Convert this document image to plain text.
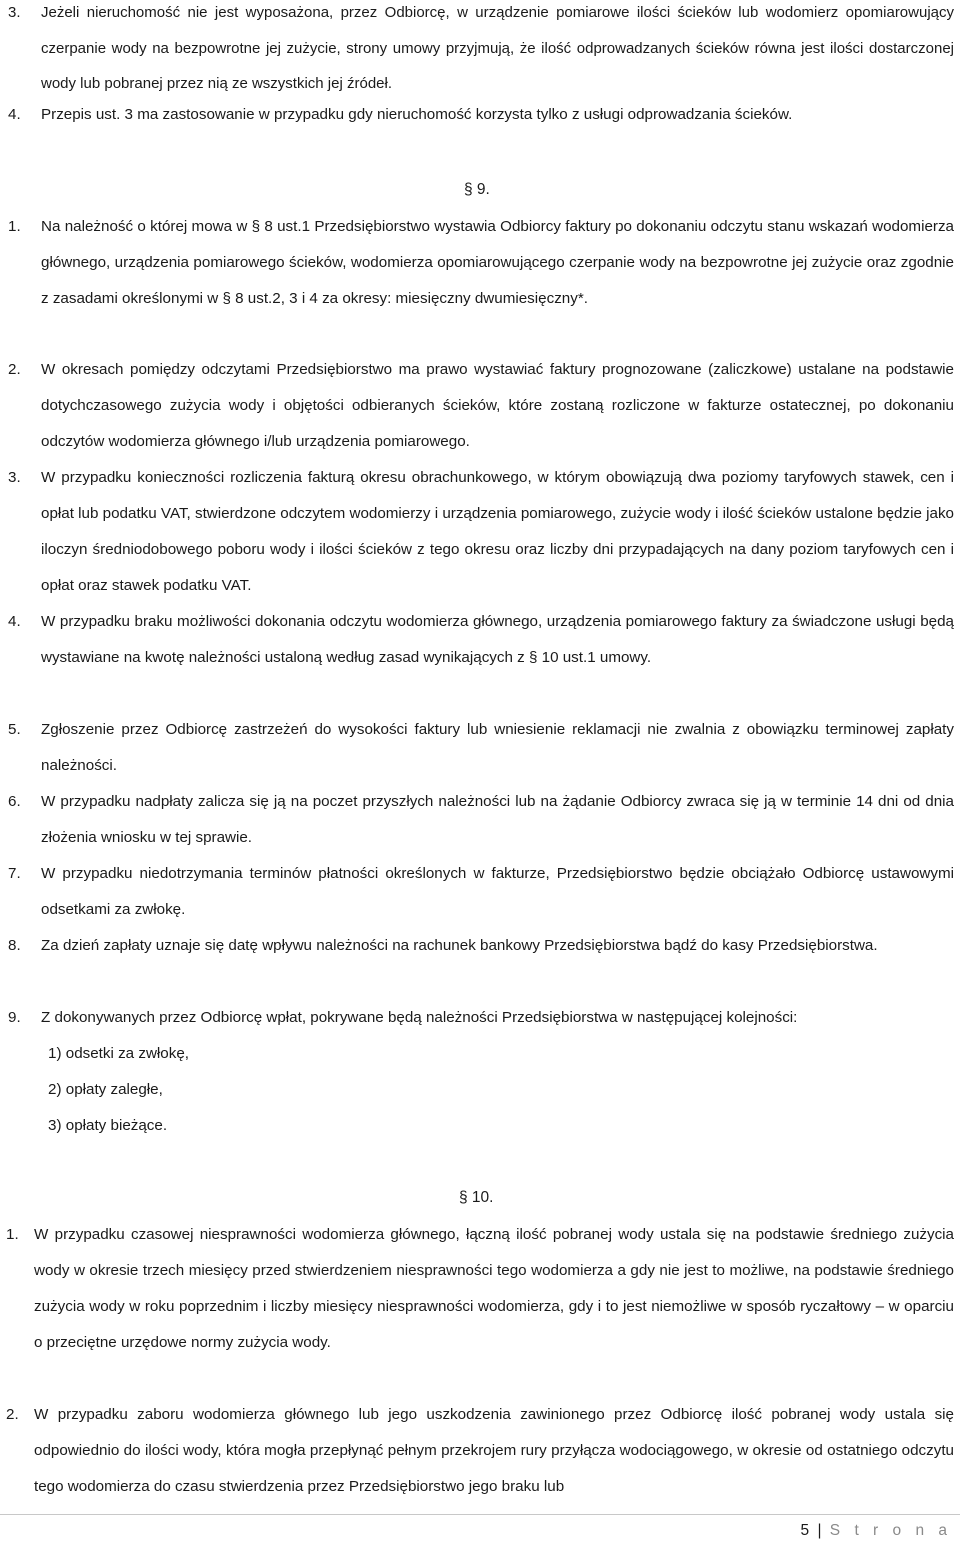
3. Jeżeli nieruchomość nie jest wyposażona, przez Odbiorcę, w urządzenie pomiarowe ilości ścieków lub wodomierz opomiarowujący czerpanie wody na bezpowrotne jej zużycie, strony umowy przyjmują, że ilość odprowadzanych ścieków równa jest ilości dostarczonej wody lub pobranej przez nią ze wszystkich jej źródeł.
4. Przepis ust. 3 ma zastosowanie w przypadku gdy nieruchomość korzysta tylko z usługi odprowadzania ścieków.
§ 9.
1. Na należność o której mowa w § 8 ust.1 Przedsiębiorstwo wystawia Odbiorcy faktury po dokonaniu odczytu stanu wskazań wodomierza głównego, urządzenia pomiarowego ścieków, wodomierza opomiarowującego czerpanie wody na bezpowrotne jej zużycie oraz zgodnie z zasadami określonymi w § 8 ust.2, 3 i 4 za okresy: miesięczny dwumiesięczny*.
2. W okresach pomiędzy odczytami Przedsiębiorstwo ma prawo wystawiać faktury prognozowane (zaliczkowe) ustalane na podstawie dotychczasowego zużycia wody i objętości odbieranych ścieków, które zostaną rozliczone w fakturze ostatecznej, po dokonaniu odczytów wodomierza głównego i/lub urządzenia pomiarowego.
3. W przypadku konieczności rozliczenia fakturą okresu obrachunkowego, w którym obowiązują dwa poziomy taryfowych stawek, cen i opłat lub podatku VAT, stwierdzone odczytem wodomierzy i urządzenia pomiarowego, zużycie wody i ilość ścieków ustalone będzie jako iloczyn średniodobowego poboru wody i ilości ścieków z tego okresu oraz liczby dni przypadających na dany poziom taryfowych cen i opłat oraz stawek podatku VAT.
4. W przypadku braku możliwości dokonania odczytu wodomierza głównego, urządzenia pomiarowego faktury za świadczone usługi będą wystawiane na kwotę należności ustaloną według zasad wynikających z § 10 ust.1 umowy.
5. Zgłoszenie przez Odbiorcę zastrzeżeń do wysokości faktury lub wniesienie reklamacji nie zwalnia z obowiązku terminowej zapłaty należności.
6. W przypadku nadpłaty zalicza się ją na poczet przyszłych należności lub na żądanie Odbiorcy zwraca się ją w terminie 14 dni od dnia złożenia wniosku w tej sprawie.
7. W przypadku niedotrzymania terminów płatności określonych w fakturze, Przedsiębiorstwo będzie obciążało Odbiorcę ustawowymi odsetkami za zwłokę.
8. Za dzień zapłaty uznaje się datę wpływu należności na rachunek bankowy Przedsiębiorstwa bądź do kasy Przedsiębiorstwa.
9. Z dokonywanych przez Odbiorcę wpłat, pokrywane będą należności Przedsiębiorstwa w następującej kolejności:
1) odsetki za zwłokę,
2) opłaty zaległe,
3) opłaty bieżące.
§ 10.
1. W przypadku czasowej niesprawności wodomierza głównego, łączną ilość pobranej wody ustala się na podstawie średniego zużycia wody w okresie trzech miesięcy przed stwierdzeniem niesprawności tego wodomierza a gdy nie jest to możliwe, na podstawie średniego zużycia wody w roku poprzednim i liczby miesięcy niesprawności wodomierza, gdy i to jest niemożliwe w sposób ryczałtowy – w oparciu o przeciętne urzędowe normy zużycia wody.
2. W przypadku zaboru wodomierza głównego lub jego uszkodzenia zawinionego przez Odbiorcę ilość pobranej wody ustala się odpowiednio do ilości wody, która mogła przepłynąć pełnym przekrojem rury przyłącza wodociągowego, w okresie od ostatniego odczytu tego wodomierza do czasu stwierdzenia przez Przedsiębiorstwo jego braku lub
5 | S t r o n a
